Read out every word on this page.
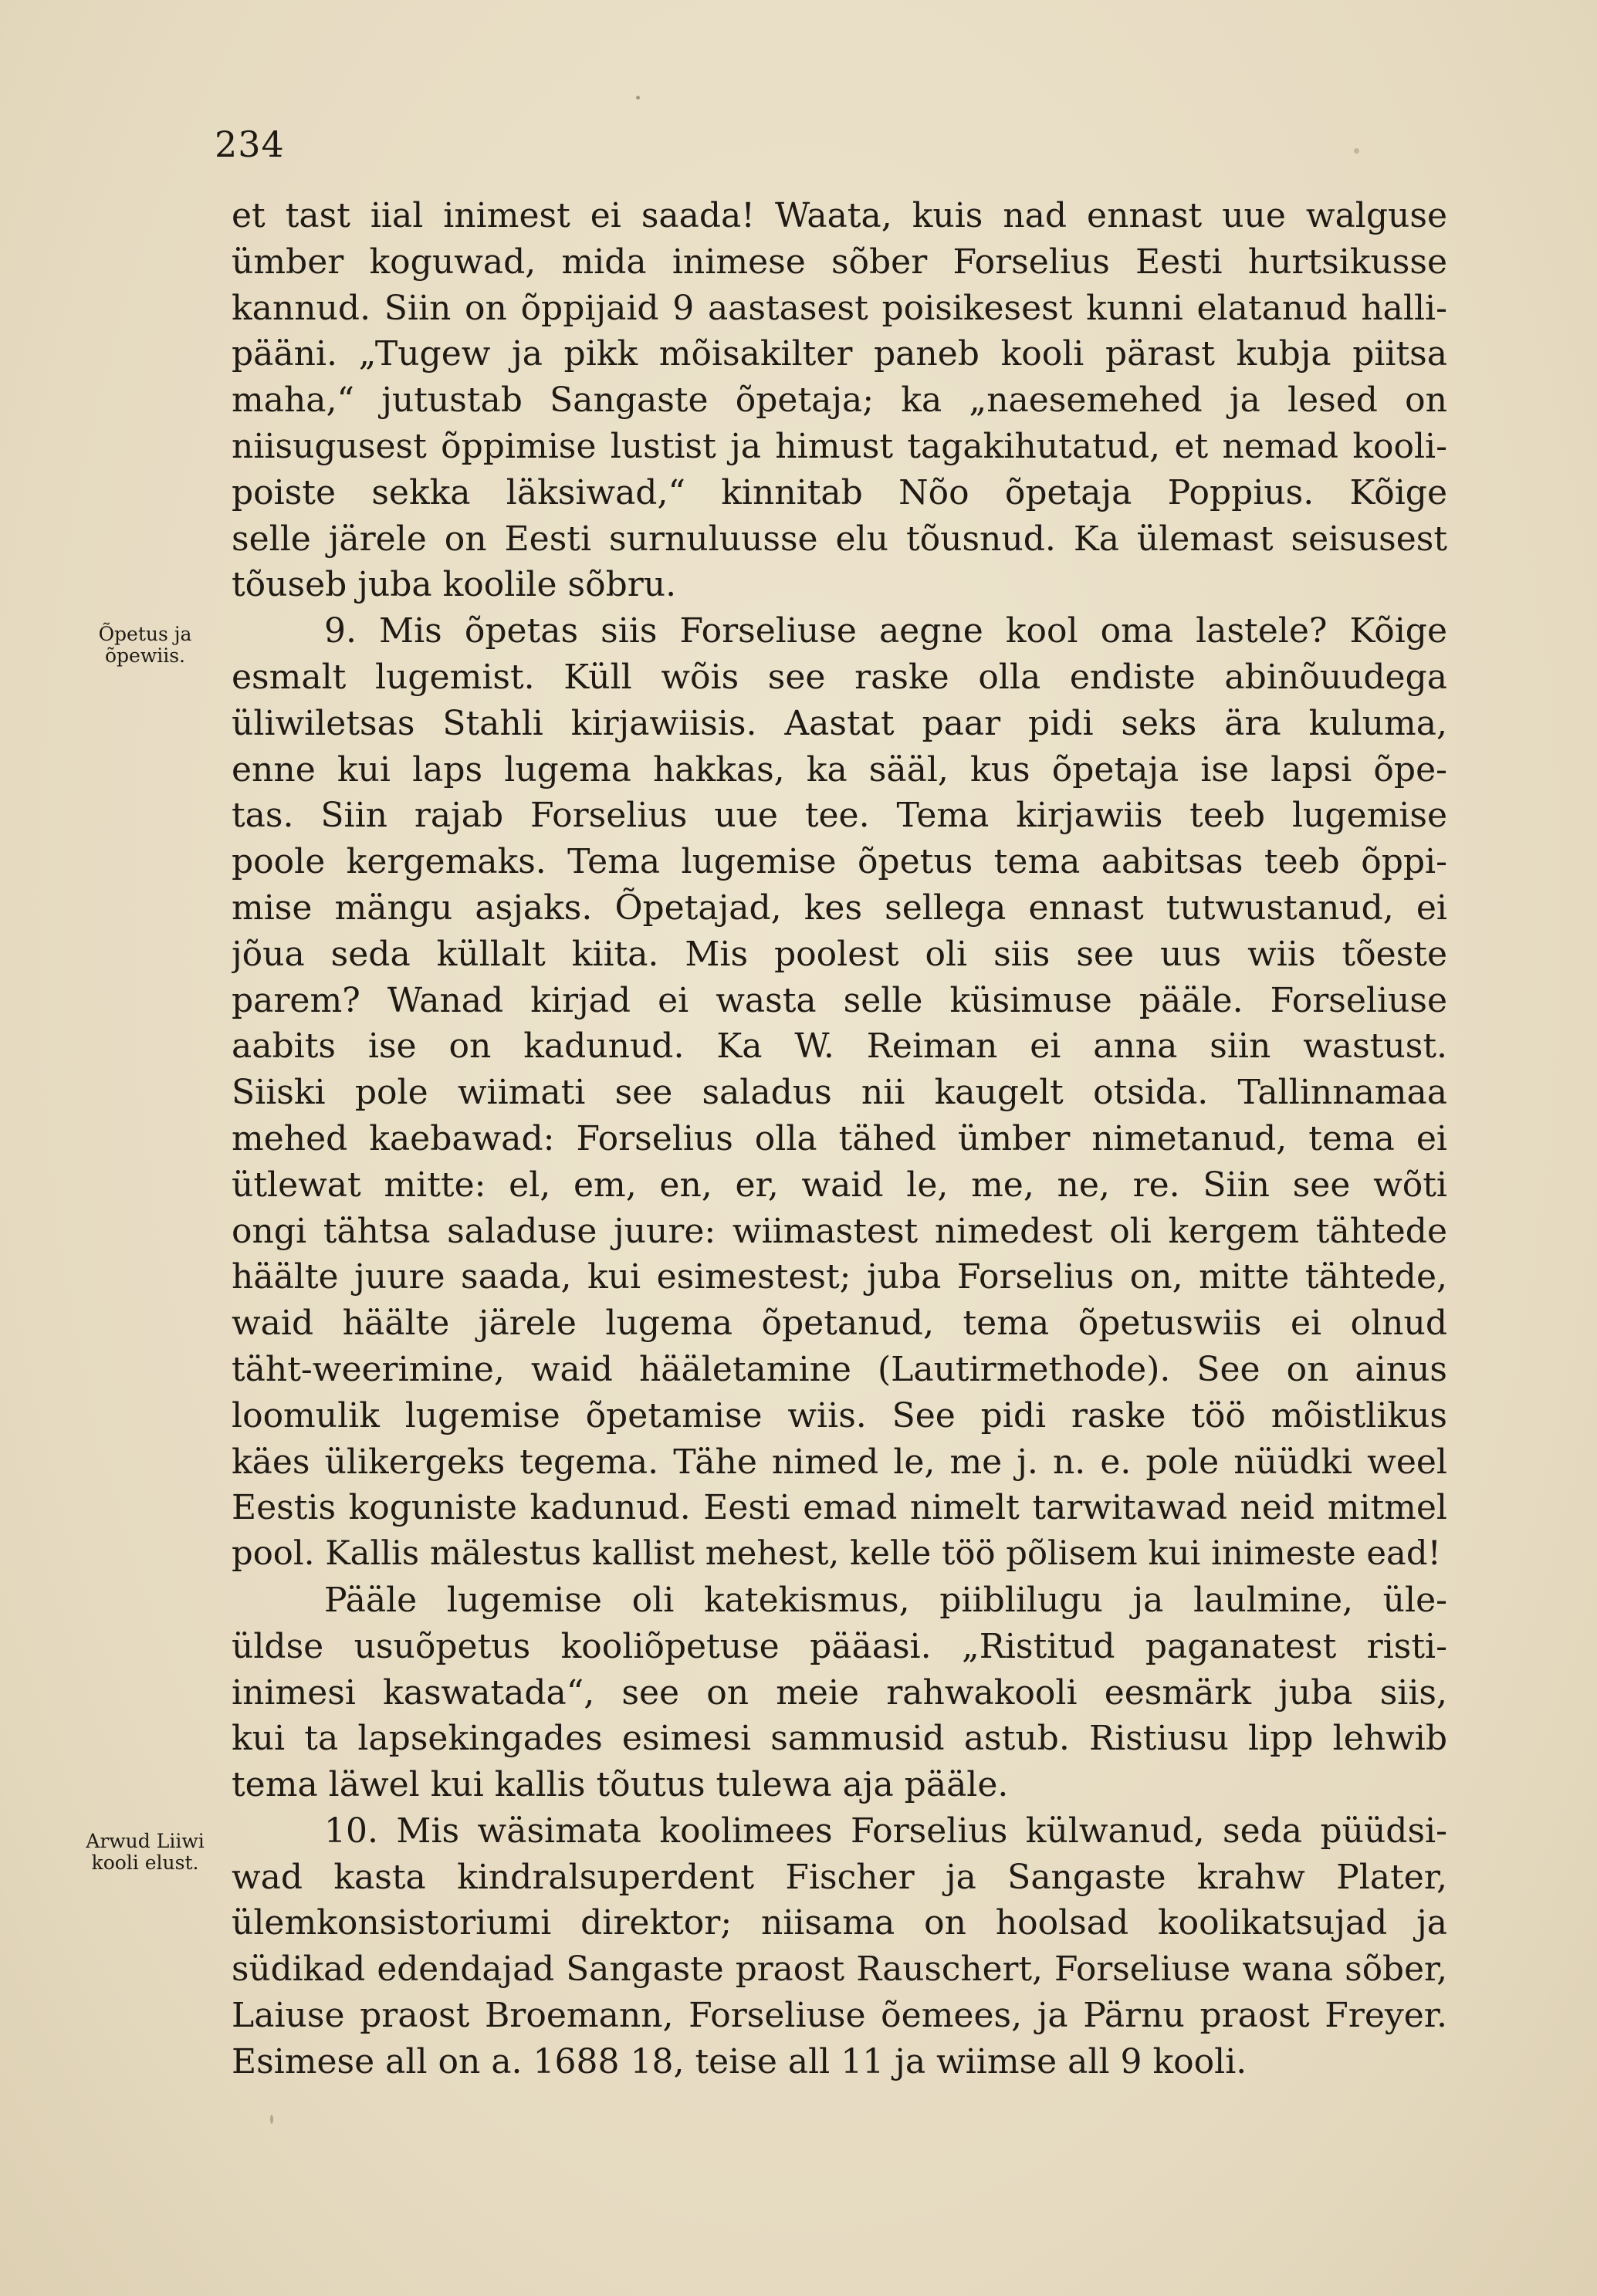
234
Õpetus ja
õpewiis.
Arwud Liiwi
kooli elust.
et tast iial inimest ei saada! Waata, kuis nad ennast uue walguse
ümber koguwad, mida inimese sõber Forselius Eesti hurtsikusse
kannud. Siin on õppijaid 9 aastasest poisikesest kunni elatanud halli-
pääni. „Tugew ja pikk mõisakilter paneb kooli pärast kubja piitsa
maha,“ jutustab Sangaste õpetaja; ka „naesemehed ja lesed on
niisugusest õppimise lustist ja himust tagakihutatud, et nemad kooli-
poiste sekka läksiwad,“ kinnitab Nõo õpetaja Poppius. Kõige
selle järele on Eesti surnuluusse elu tõusnud. Ka ülemast seisusest
tõuseb juba koolile sõbru.
9. Mis õpetas siis Forseliuse aegne kool oma lastele? Kõige
esmalt lugemist. Küll wõis see raske olla endiste abinõuudega
üliwiletsas Stahli kirjawiisis. Aastat paar pidi seks ära kuluma,
enne kui laps lugema hakkas, ka sääl, kus õpetaja ise lapsi õpe-
tas. Siin rajab Forselius uue tee. Tema kirjawiis teeb lugemise
poole kergemaks. Tema lugemise õpetus tema aabitsas teeb õppi-
mise mängu asjaks. Õpetajad, kes sellega ennast tutwustanud, ei
jõua seda küllalt kiita. Mis poolest oli siis see uus wiis tõeste
parem? Wanad kirjad ei wasta selle küsimuse pääle. Forseliuse
aabits ise on kadunud. Ka W. Reiman ei anna siin wastust.
Siiski pole wiimati see saladus nii kaugelt otsida. Tallinnamaa
mehed kaebawad: Forselius olla tähed ümber nimetanud, tema ei
ütlewat mitte: el, em, en, er, waid le, me, ne, re. Siin see wõti
ongi tähtsa saladuse juure: wiimastest nimedest oli kergem tähtede
häälte juure saada, kui esimestest; juba Forselius on, mitte tähtede,
waid häälte järele lugema õpetanud, tema õpetuswiis ei olnud
täht-weerimine, waid hääletamine (Lautirmethode). See on ainus
loomulik lugemise õpetamise wiis. See pidi raske töö mõistlikus
käes ülikergeks tegema. Tähe nimed le, me j. n. e. pole nüüdki weel
Eestis koguniste kadunud. Eesti emad nimelt tarwitawad neid mitmel
pool. Kallis mälestus kallist mehest, kelle töö põlisem kui inimeste ead!
Pääle lugemise oli katekismus, piiblilugu ja laulmine, üle-
üldse usuõpetus kooliõpetuse pääasi. „Ristitud paganatest risti-
inimesi kaswatada“, see on meie rahwakooli eesmärk juba siis,
kui ta lapsekingades esimesi sammusid astub. Ristiusu lipp lehwib
tema läwel kui kallis tõutus tulewa aja pääle.
10. Mis wäsimata koolimees Forselius külwanud, seda püüdsi-
wad kasta kindralsuperdent Fischer ja Sangaste krahw Plater,
ülemkonsistoriumi direktor; niisama on hoolsad koolikatsujad ja
südikad edendajad Sangaste praost Rauschert, Forseliuse wana sõber,
Laiuse praost Broemann, Forseliuse õemees, ja Pärnu praost Freyer.
Esimese all on a. 1688 18, teise all 11 ja wiimse all 9 kooli.
